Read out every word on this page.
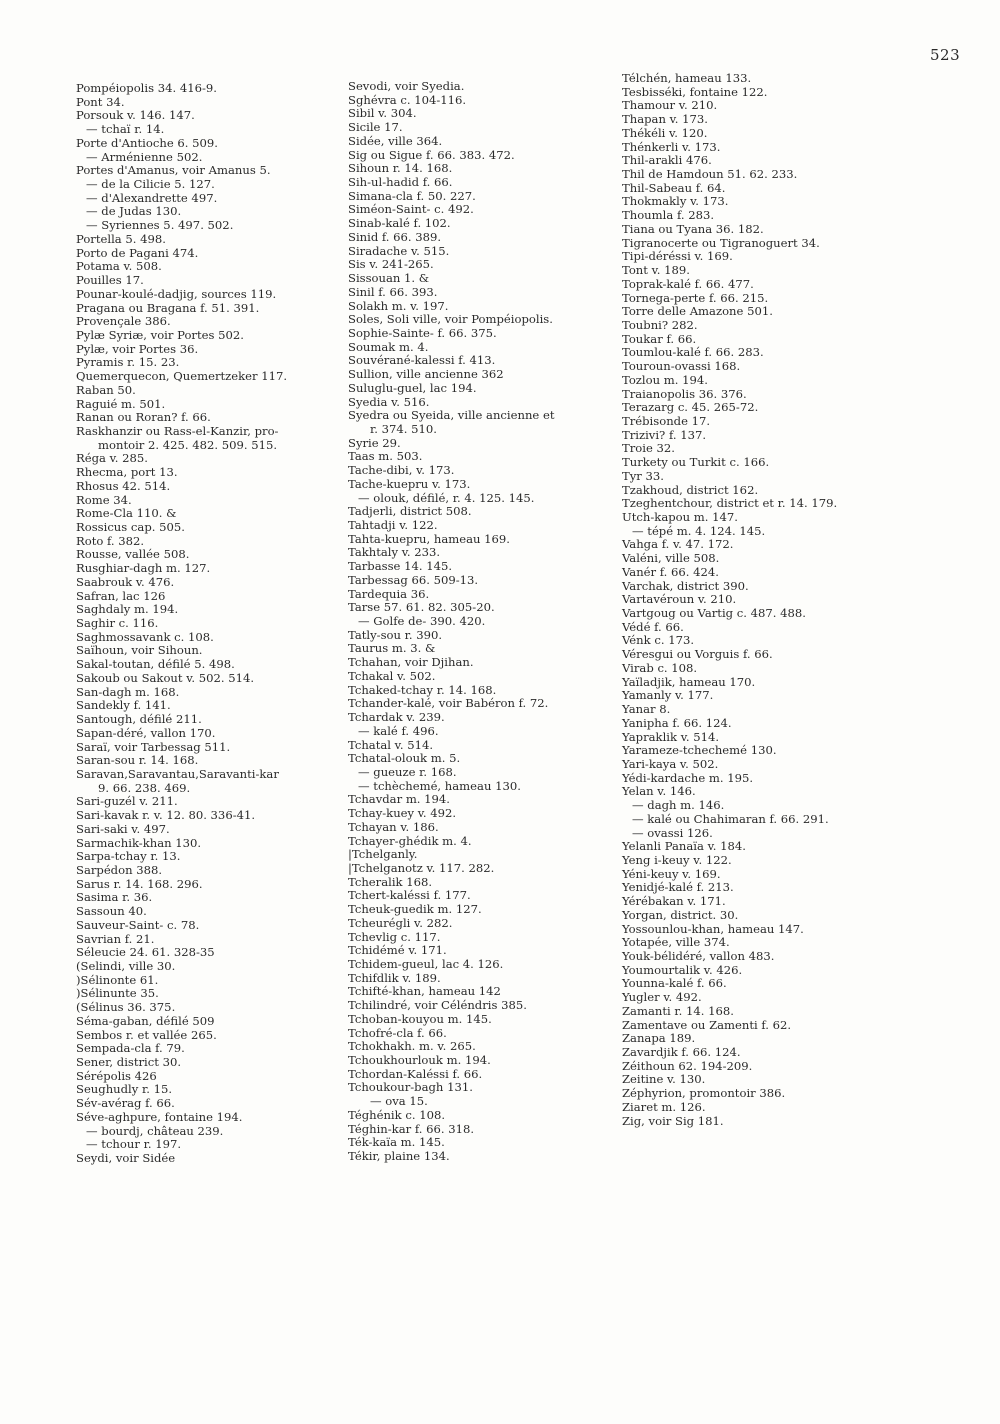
523
Pompéiopolis 34. 416-9.
Pont 34.
Porsouk v. 146. 147.
— tchaï r. 14.
Porte d'Antioche 6. 509.
— Arménienne 502.
Portes d'Amanus, voir Amanus 5.
— de la Cilicie 5. 127.
— d'Alexandrette 497.
— de Judas 130.
— Syriennes 5. 497. 502.
Portella 5. 498.
Porto de Pagani 474.
Potama v. 508.
Pouilles 17.
Pounar-koulé-dadjig, sources 119.
Pragana ou Bragana f. 51. 391.
Provençale 386.
Pylæ Syriæ, voir Portes 502.
Pylæ, voir Portes 36.
Pyramis r. 15. 23.
Quemerquecon, Quemertzeker 117.
Raban 50.
Raguié m. 501.
Ranan ou Roran? f. 66.
Raskhanzir ou Rass-el-Kanzir, pro-
montoir 2. 425. 482. 509. 515.
Réga v. 285.
Rhecma, port 13.
Rhosus 42. 514.
Rome 34.
Rome-Cla 110. &
Rossicus cap. 505.
Roto f. 382.
Rousse, vallée 508.
Rusghiar-dagh m. 127.
Saabrouk v. 476.
Safran, lac 126
Saghdaly m. 194.
Saghir c. 116.
Saghmossavank c. 108.
Saïhoun, voir Sihoun.
Sakal-toutan, défilé 5. 498.
Sakoub ou Sakout v. 502. 514.
San-dagh m. 168.
Sandekly f. 141.
Santough, défilé 211.
Sapan-déré, vallon 170.
Saraï, voir Tarbessag 511.
Saran-sou r. 14. 168.
Saravan,Saravantau,Saravanti-kar
9. 66. 238. 469.
Sari-guzél v. 211.
Sari-kavak r. v. 12. 80. 336-41.
Sari-saki v. 497.
Sarmachik-khan 130.
Sarpa-tchay r. 13.
Sarpédon 388.
Sarus r. 14. 168. 296.
Sasima r. 36.
Sassoun 40.
Sauveur-Saint- c. 78.
Savrian f. 21.
Séleucie 24. 61. 328-35
(Selindi, ville 30.
)Sélinonte 61.
)Sélinunte 35.
(Sélinus 36. 375.
Séma-gaban, défilé 509
Sembos r. et vallée 265.
Sempada-cla f. 79.
Sener, district 30.
Sérépolis 426
Seughudly r. 15.
Sév-avérag f. 66.
Séve-aghpure, fontaine 194.
— bourdj, château 239.
— tchour r. 197.
Seydi, voir Sidée
Sevodi, voir Syedia.
Sghévra c. 104-116.
Sibil v. 304.
Sicile 17.
Sidée, ville 364.
Sig ou Sigue f. 66. 383. 472.
Sihoun r. 14. 168.
Sih-ul-hadid f. 66.
Simana-cla f. 50. 227.
Siméon-Saint- c. 492.
Sinab-kalé f. 102.
Sinid f. 66. 389.
Siradache v. 515.
Sis v. 241-265.
Sissouan 1. &
Sinil f. 66. 393.
Solakh m. v. 197.
Soles, Soli ville, voir Pompéiopolis.
Sophie-Sainte- f. 66. 375.
Soumak m. 4.
Souvérané-kalessi f. 413.
Sullion, ville ancienne 362
Suluglu-guel, lac 194.
Syedia v. 516.
Syedra ou Syeida, ville ancienne et
r. 374. 510.
Syrie 29.
Taas m. 503.
Tache-dibi, v. 173.
Tache-kuepru v. 173.
— olouk, défilé, r. 4. 125. 145.
Tadjerli, district 508.
Tahtadji v. 122.
Tahta-kuepru, hameau 169.
Takhtaly v. 233.
Tarbasse 14. 145.
Tarbessag 66. 509-13.
Tardequia 36.
Tarse 57. 61. 82. 305-20.
— Golfe de- 390. 420.
Tatly-sou r. 390.
Taurus m. 3. &
Tchahan, voir Djihan.
Tchakal v. 502.
Tchaked-tchay r. 14. 168.
Tchander-kalé, voir Babéron f. 72.
Tchardak v. 239.
— kalé f. 496.
Tchatal v. 514.
Tchatal-olouk m. 5.
— gueuze r. 168.
— tchèchemé, hameau 130.
Tchavdar m. 194.
Tchay-kuey v. 492.
Tchayan v. 186.
Tchayer-ghédik m. 4.
|Tchelganly.
|Tchelganotz v. 117. 282.
Tcheralik 168.
Tchert-kaléssi f. 177.
Tcheuk-guedik m. 127.
Tcheurégli v. 282.
Tchevlig c. 117.
Tchidémé v. 171.
Tchidem-gueul, lac 4. 126.
Tchifdlik v. 189.
Tchifté-khan, hameau 142
Tchilindré, voir Céléndris 385.
Tchoban-kouyou m. 145.
Tchofré-cla f. 66.
Tchokhakh. m. v. 265.
Tchoukhourlouk m. 194.
Tchordan-Kaléssi f. 66.
Tchoukour-bagh 131.
— ova 15.
Téghénik c. 108.
Téghin-kar f. 66. 318.
Ték-kaïa m. 145.
Tékir, plaine 134.
Télchén, hameau 133.
Tesbisséki, fontaine 122.
Thamour v. 210.
Thapan v. 173.
Thékéli v. 120.
Thénkerli v. 173.
Thil-arakli 476.
Thil de Hamdoun 51. 62. 233.
Thil-Sabeau f. 64.
Thokmakly v. 173.
Thoumla f. 283.
Tiana ou Tyana 36. 182.
Tigranocerte ou Tigranoguert 34.
Tipi-déréssi v. 169.
Tont v. 189.
Toprak-kalé f. 66. 477.
Tornega-perte f. 66. 215.
Torre delle Amazone 501.
Toubni? 282.
Toukar f. 66.
Toumlou-kalé f. 66. 283.
Touroun-ovassi 168.
Tozlou m. 194.
Traianopolis 36. 376.
Terazarg c. 45. 265-72.
Trébisonde 17.
Trizivi? f. 137.
Troie 32.
Turkety ou Turkit c. 166.
Tyr 33.
Tzakhoud, district 162.
Tzeghentchour, district et r. 14. 179.
Utch-kapou m. 147.
— tépé m. 4. 124. 145.
Vahga f. v. 47. 172.
Valéni, ville 508.
Vanér f. 66. 424.
Varchak, district 390.
Vartavéroun v. 210.
Vartgoug ou Vartig c. 487. 488.
Védé f. 66.
Vénk c. 173.
Véresgui ou Vorguis f. 66.
Virab c. 108.
Yaïladjik, hameau 170.
Yamanly v. 177.
Yanar 8.
Yanipha f. 66. 124.
Yapraklik v. 514.
Yarameze-tchechemé 130.
Yari-kaya v. 502.
Yédi-kardache m. 195.
Yelan v. 146.
— dagh m. 146.
— kalé ou Chahimaran f. 66. 291.
— ovassi 126.
Yelanli Panaïa v. 184.
Yeng i-keuy v. 122.
Yéni-keuy v. 169.
Yenidjé-kalé f. 213.
Yérébakan v. 171.
Yorgan, district. 30.
Yossounlou-khan, hameau 147.
Yotapée, ville 374.
Youk-bélidéré, vallon 483.
Youmourtalik v. 426.
Younna-kalé f. 66.
Yugler v. 492.
Zamanti r. 14. 168.
Zamentave ou Zamenti f. 62.
Zanapa 189.
Zavardjik f. 66. 124.
Zéithoun 62. 194-209.
Zeitine v. 130.
Zéphyrion, promontoir 386.
Ziaret m. 126.
Zig, voir Sig 181.
